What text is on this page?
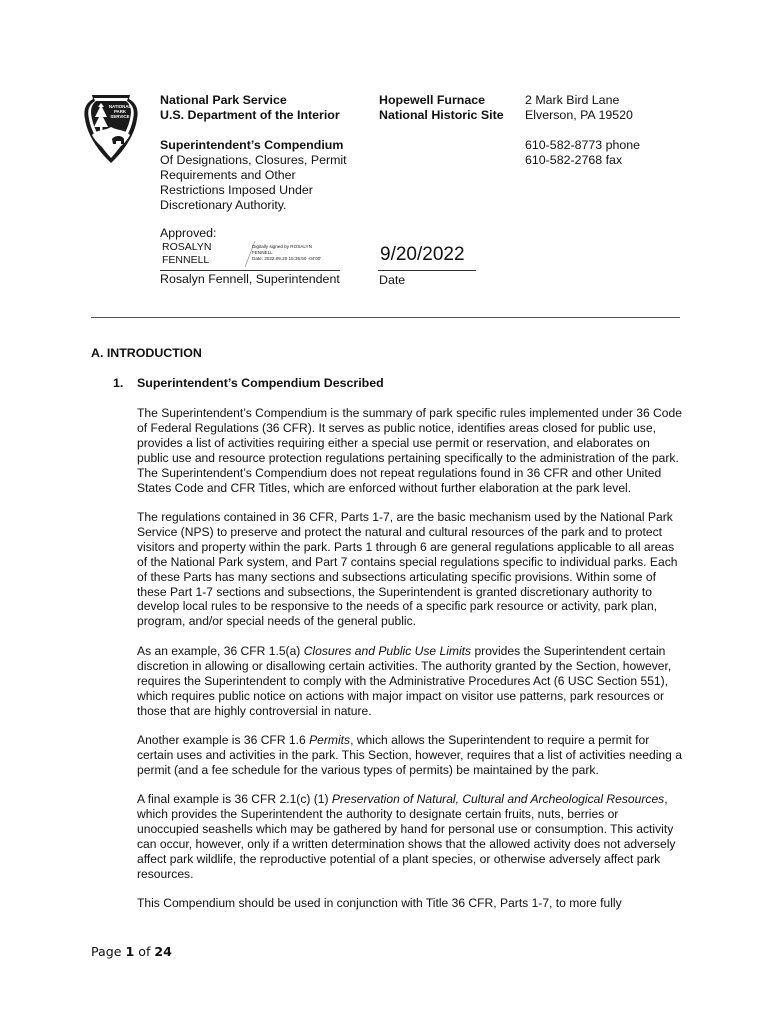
NATIONAL
PARK
SERVICE
National Park Service
U.S. Department of the Interior
Superintendent’s Compendium
Of Designations, Closures, Permit
Requirements and Other
Restrictions Imposed Under
Discretionary Authority.
Hopewell Furnace
National Historic Site
2 Mark Bird Lane
Elverson, PA 19520
610-582-8773 phone
610-582-2768 fax
Approved:
ROSALYN
FENNELL
Digitally signed by ROSALYN
FENNELL
Date: 2022.09.20 15:35:50 -04'00'
Rosalyn Fennell, Superintendent
9/20/2022
Date
A. INTRODUCTION
1. Superintendent’s Compendium Described

The Superintendent’s Compendium is the summary of park specific rules implemented under 36 Code of Federal Regulations (36 CFR). It serves as public notice, identifies areas closed for public use, provides a list of activities requiring either a special use permit or reservation, and elaborates on public use and resource protection regulations pertaining specifically to the administration of the park. The Superintendent’s Compendium does not repeat regulations found in 36 CFR and other United States Code and CFR Titles, which are enforced without further elaboration at the park level.

The regulations contained in 36 CFR, Parts 1-7, are the basic mechanism used by the National Park Service (NPS) to preserve and protect the natural and cultural resources of the park and to protect visitors and property within the park. Parts 1 through 6 are general regulations applicable to all areas of the National Park system, and Part 7 contains special regulations specific to individual parks. Each of these Parts has many sections and subsections articulating specific provisions. Within some of these Part 1-7 sections and subsections, the Superintendent is granted discretionary authority to develop local rules to be responsive to the needs of a specific park resource or activity, park plan, program, and/or special needs of the general public.

As an example, 36 CFR 1.5(a) Closures and Public Use Limits provides the Superintendent certain discretion in allowing or disallowing certain activities. The authority granted by the Section, however, requires the Superintendent to comply with the Administrative Procedures Act (6 USC Section 551), which requires public notice on actions with major impact on visitor use patterns, park resources or those that are highly controversial in nature.

Another example is 36 CFR 1.6 Permits, which allows the Superintendent to require a permit for certain uses and activities in the park. This Section, however, requires that a list of activities needing a permit (and a fee schedule for the various types of permits) be maintained by the park.

A final example is 36 CFR 2.1(c) (1) Preservation of Natural, Cultural and Archeological Resources, which provides the Superintendent the authority to designate certain fruits, nuts, berries or unoccupied seashells which may be gathered by hand for personal use or consumption. This activity can occur, however, only if a written determination shows that the allowed activity does not adversely affect park wildlife, the reproductive potential of a plant species, or otherwise adversely affect park resources.

This Compendium should be used in conjunction with Title 36 CFR, Parts 1-7, to more fully

Page 1 of 24
